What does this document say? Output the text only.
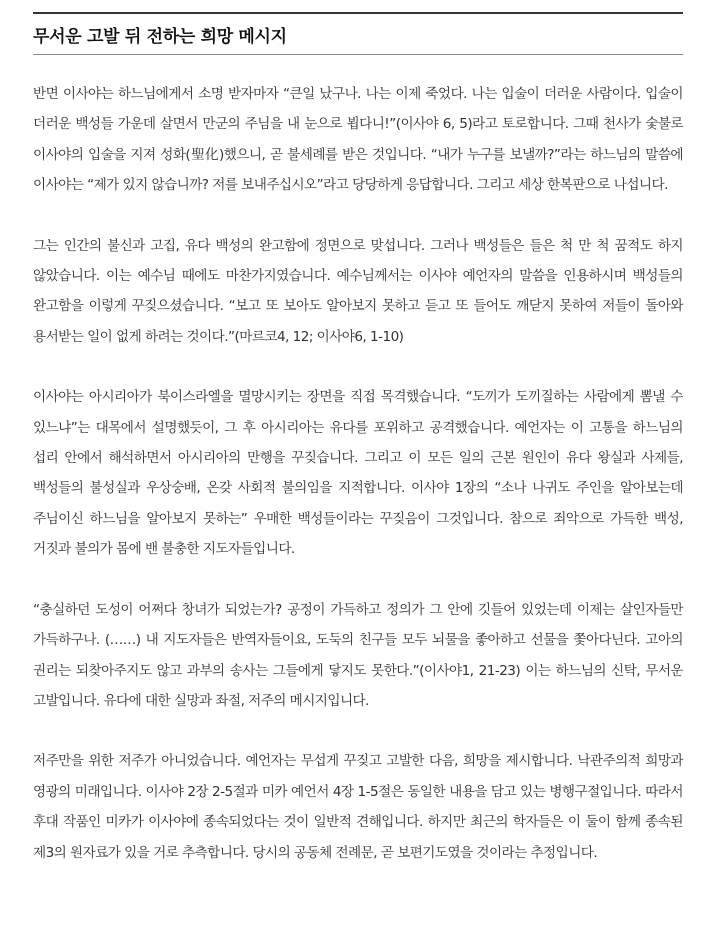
무서운 고발 뒤 전하는 희망 메시지

반면 이사야는 하느님에게서 소명 받자마자 “큰일 났구나. 나는 이제 죽었다. 나는 입술이 더러운 사람이다. 입술이 더러운 백성들 가운데 살면서 만군의 주님을 내 눈으로 뵙다니!”(이사야 6, 5)라고 토로합니다. 그때 천사가 숯불로 이사야의 입술을 지져 성화(聖化)했으니, 곧 불세례를 받은 것입니다. “내가 누구를 보낼까?”라는 하느님의 말씀에 이사야는 “제가 있지 않습니까? 저를 보내주십시오”라고 당당하게 응답합니다. 그리고 세상 한복판으로 나섭니다.

그는 인간의 불신과 고집, 유다 백성의 완고함에 정면으로 맞섭니다. 그러나 백성들은 들은 척 만 척 꿈적도 하지 않았습니다. 이는 예수님 때에도 마찬가지였습니다. 예수님께서는 이사야 예언자의 말씀을 인용하시며 백성들의 완고함을 이렇게 꾸짖으셨습니다. “보고 또 보아도 알아보지 못하고 듣고 또 들어도 깨닫지 못하여 저들이 돌아와 용서받는 일이 없게 하려는 것이다.”(마르코4, 12; 이사야6, 1-10)

이사야는 아시리아가 북이스라엘을 멸망시키는 장면을 직접 목격했습니다. “도끼가 도끼질하는 사람에게 뽐낼 수 있느냐”는 대목에서 설명했듯이, 그 후 아시리아는 유다를 포위하고 공격했습니다. 예언자는 이 고통을 하느님의 섭리 안에서 해석하면서 아시리아의 만행을 꾸짖습니다. 그리고 이 모든 일의 근본 원인이 유다 왕실과 사제들, 백성들의 불성실과 우상숭배, 온갖 사회적 불의임을 지적합니다. 이사야 1장의 “소나 나귀도 주인을 알아보는데 주님이신 하느님을 알아보지 못하는” 우매한 백성들이라는 꾸짖음이 그것입니다. 참으로 죄악으로 가득한 백성, 거짓과 불의가 몸에 밴 불충한 지도자들입니다.

“충실하던 도성이 어쩌다 창녀가 되었는가? 공정이 가득하고 정의가 그 안에 깃들어 있었는데 이제는 살인자들만 가득하구나. (……) 내 지도자들은 반역자들이요, 도둑의 친구들 모두 뇌물을 좋아하고 선물을 쫓아다닌다. 고아의 권리는 되찾아주지도 않고 과부의 송사는 그들에게 닿지도 못한다.”(이사야1, 21-23) 이는 하느님의 신탁, 무서운 고발입니다. 유다에 대한 실망과 좌절, 저주의 메시지입니다.

저주만을 위한 저주가 아니었습니다. 예언자는 무섭게 꾸짖고 고발한 다음, 희망을 제시합니다. 낙관주의적 희망과 영광의 미래입니다. 이사야 2장 2-5절과 미카 예언서 4장 1-5절은 동일한 내용을 담고 있는 병행구절입니다. 따라서 후대 작품인 미카가 이사야에 종속되었다는 것이 일반적 견해입니다. 하지만 최근의 학자들은 이 둘이 함께 종속된 제3의 원자료가 있을 거로 추측합니다. 당시의 공동체 전례문, 곧 보편기도였을 것이라는 추정입니다.
